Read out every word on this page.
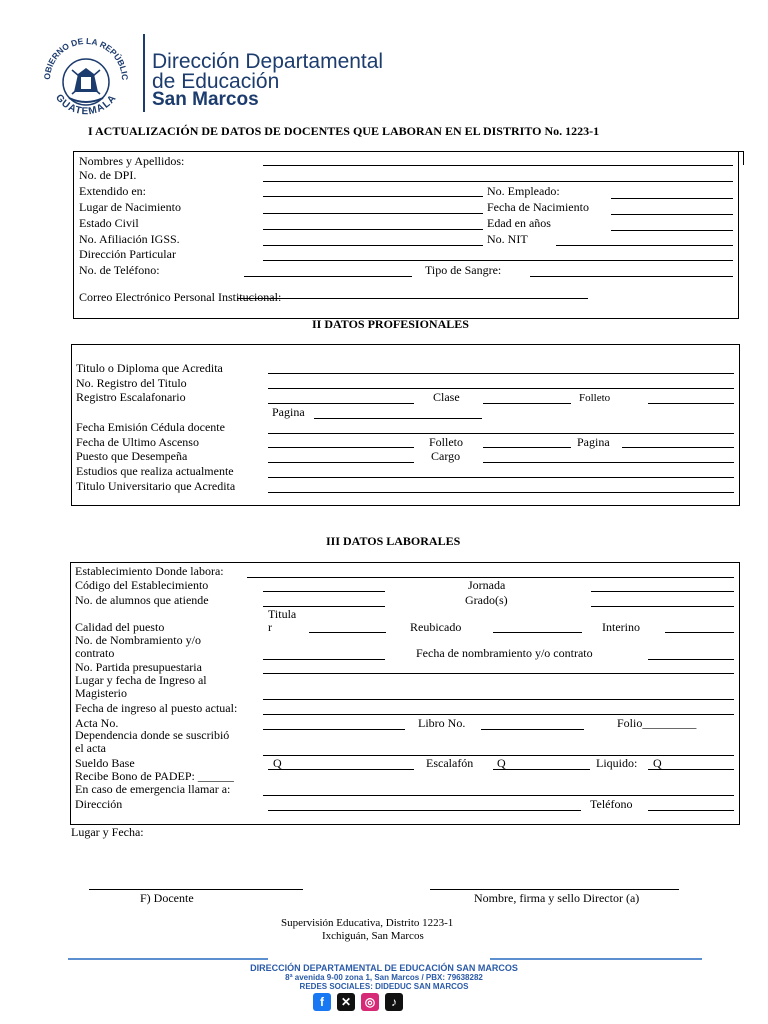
OBIERNO DE LA REPÚBLIC
GUATEMALA
Dirección Departamental
de Educación
San Marcos
I ACTUALIZACIÓN DE DATOS DE DOCENTES QUE LABORAN EN EL DISTRITO No. 1223-1
Nombres y Apellidos:
No. de DPI.
Extendido en:	No. Empleado:
Lugar de Nacimiento	Fecha de Nacimiento
Estado Civil	Edad en años
No. Afiliación IGSS.	No. NIT
Dirección Particular
No. de Teléfono:	Tipo de Sangre:
Correo Electrónico Personal Institucional:
II DATOS PROFESIONALES
Titulo o Diploma que Acredita
No. Registro del Titulo
Registro Escalafonario	Clase	Folleto
Pagina
Fecha Emisión Cédula docente
Fecha de Ultimo Ascenso	Folleto	Pagina
Puesto que Desempeña	Cargo
Estudios que realiza actualmente
Titulo Universitario que Acredita
III DATOS LABORALES
Establecimiento Donde labora:
Código del Establecimiento	Jornada
No. de alumnos que atiende	Grado(s)
Titula
r
Calidad del puesto	Reubicado	Interino
No. de Nombramiento y/o
contrato	Fecha de nombramiento y/o contrato
No. Partida presupuestaria
Lugar y fecha de Ingreso al
Magisterio
Fecha de ingreso al puesto actual:
Acta No.	Libro No.	Folio_________
Dependencia donde se suscribió
el acta
Sueldo Base	Q	Escalafón Q	Liquido: Q
Recibe Bono de PADEP: ______
En caso de emergencia llamar a:
Dirección	Teléfono
Lugar y Fecha:
F) Docente	Nombre, firma y sello Director (a)
Supervisión Educativa, Distrito 1223-1
Ixchiguán, San Marcos
DIRECCIÓN DEPARTAMENTAL DE EDUCACIÓN SAN MARCOS
8ª avenida 9-00 zona 1, San Marcos / PBX: 79638282
REDES SOCIALES: DIDEDUC SAN MARCOS
f	✕	◎	♪
